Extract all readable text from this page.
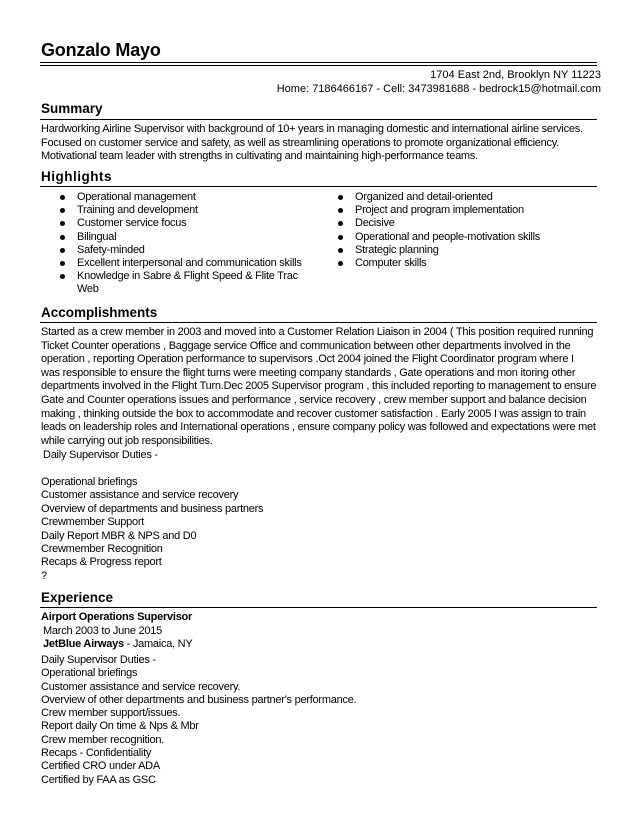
Gonzalo Mayo
1704 East 2nd, Brooklyn NY 11223
Home: 7186466167 - Cell: 3473981688 - bedrock15@hotmail.com
Summary
Hardworking Airline Supervisor with background of 10+ years in managing domestic and international airline services.
Focused on customer service and safety, as well as streamlining operations to promote organizational efficiency.
Motivational team leader with strengths in cultivating and maintaining high-performance teams.
Highlights
Operational management
Training and development
Customer service focus
Bilingual
Safety-minded
Excellent interpersonal and communication skills
Knowledge in Sabre & Flight Speed & Flite Trac Web
Organized and detail-oriented
Project and program implementation
Decisive
Operational and people-motivation skills
Strategic planning
Computer skills
Accomplishments
Started as a crew member in 2003 and moved into a Customer Relation Liaison in 2004 ( This position required running
Ticket Counter operations , Baggage service Office and communication between other departments involved in the
operation , reporting Operation performance to supervisors .Oct 2004 joined the Flight Coordinator program where I
was responsible to ensure the flight turns were meeting company standards , Gate operations and mon itoring other
departments involved in the Flight Turn.Dec 2005 Supervisor program , this included reporting to management to ensure
Gate and Counter operations issues and performance , service recovery , crew member support and balance decision
making , thinking outside the box to accommodate and recover customer satisfaction . Early 2005 I was assign to train
leads on leadership roles and International operations , ensure company policy was followed and expectations were met
while carrying out job responsibilities.
Daily Supervisor Duties -
Operational briefings
Customer assistance and service recovery
Overview of departments and business partners
Crewmember Support
Daily Report MBR & NPS and D0
Crewmember Recognition
Recaps & Progress report
?
Experience
Airport Operations Supervisor
March 2003 to June 2015
JetBlue Airways - Jamaica, NY
Daily Supervisor Duties -
Operational briefings
Customer assistance and service recovery.
Overview of other departments and business partner's performance.
Crew member support/issues.
Report daily On time & Nps & Mbr
Crew member recognition.
Recaps - Confidentiality
Certified CRO under ADA
Certified by FAA as GSC
